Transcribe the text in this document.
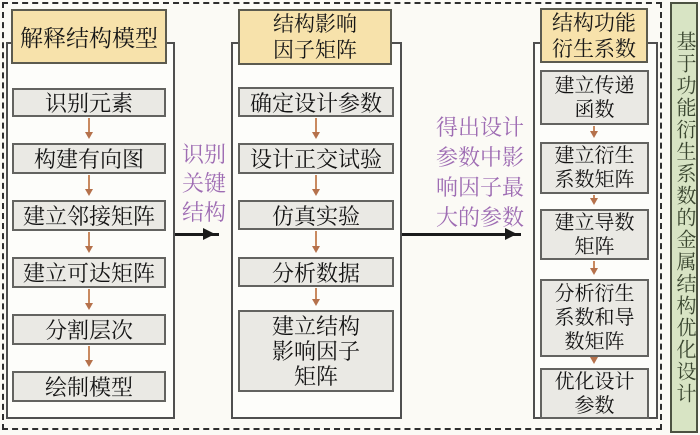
解释结构模型
识别元素
构建有向图
建立邻接矩阵
建立可达矩阵
分割层次
绘制模型
识别
关键
结构
结构影响
因子矩阵
确定设计参数
设计正交试验
仿真实验
分析数据
建立结构
影响因子
矩阵
得出设计
参数中影
响因子最
大的参数
结构功能
衍生系数
建立传递
函数
建立衍生
系数矩阵
建立导数
矩阵
分析衍生
系数和导
数矩阵
优化设计
参数
基于功能衍生系数的金属结构优化设计
